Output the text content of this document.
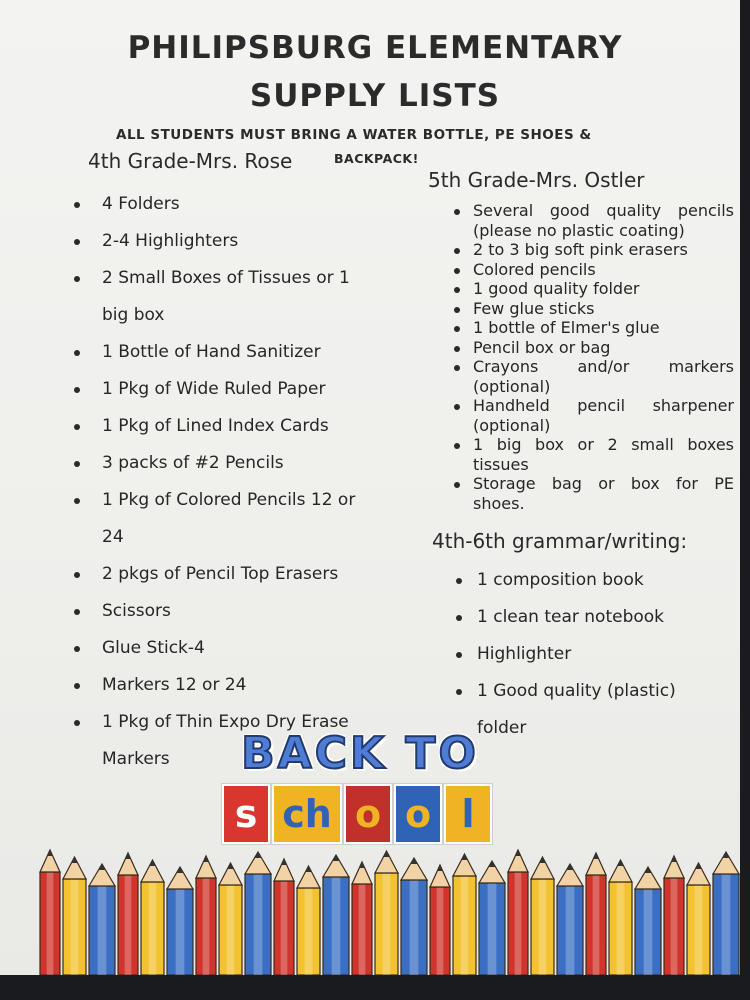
PHILIPSBURG ELEMENTARY
SUPPLY LISTS
ALL STUDENTS MUST BRING A WATER BOTTLE, PE SHOES &
BACKPACK!
4th Grade-Mrs. Rose
4 Folders
2-4 Highlighters
2 Small Boxes of Tissues or 1
big box
1 Bottle of Hand Sanitizer
1 Pkg of Wide Ruled Paper
1 Pkg of Lined Index Cards
3 packs of #2 Pencils
1 Pkg of Colored Pencils 12 or
24
2 pkgs of Pencil Top Erasers
Scissors
Glue Stick-4
Markers 12 or 24
1 Pkg of Thin Expo Dry Erase
Markers
5th Grade-Mrs. Ostler
Several good quality pencils (please no plastic coating)
2 to 3 big soft pink erasers
Colored pencils
1 good quality folder
Few glue sticks
1 bottle of Elmer's glue
Pencil box or bag
Crayons and/or markers (optional)
Handheld pencil sharpener (optional)
1 big box or 2 small boxes tissues
Storage bag or box for PE shoes.
4th-6th grammar/writing:
1 composition book
1 clean tear notebook
Highlighter
1 Good quality (plastic)
folder
BACK TO
s ch o o l
